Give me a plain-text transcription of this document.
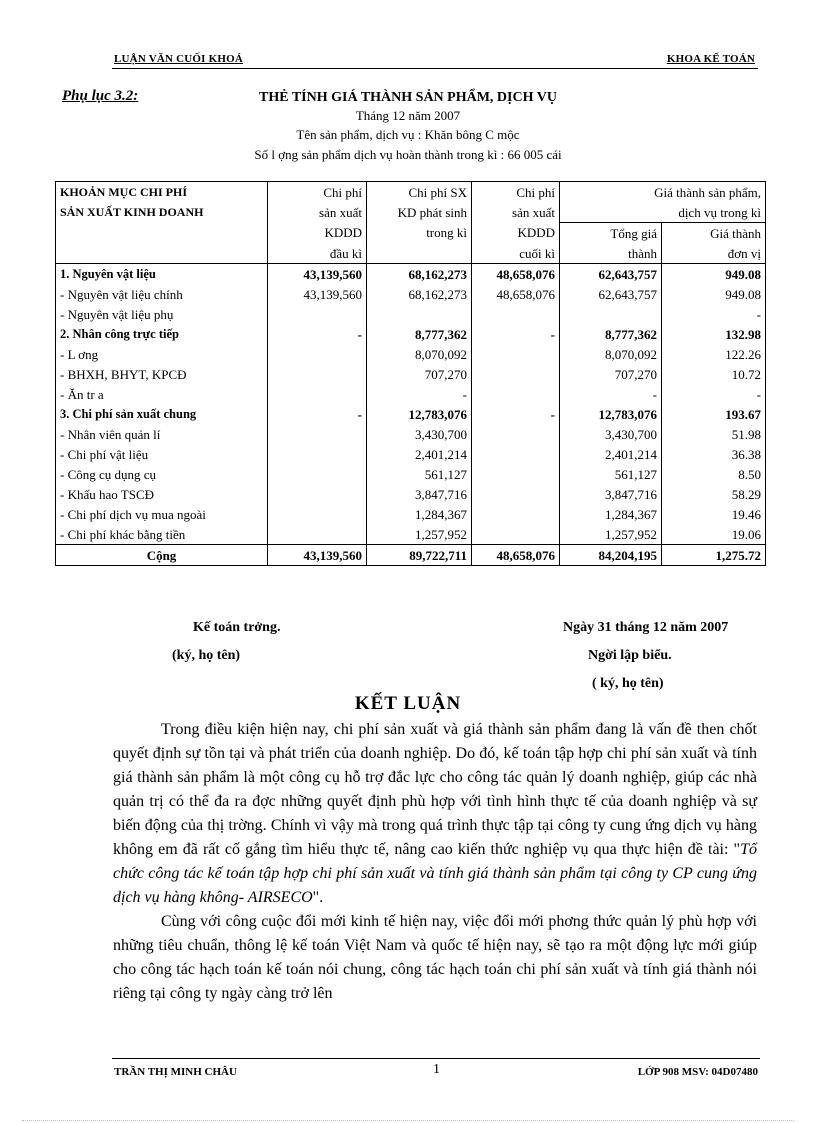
LUẬN VĂN CUỐI KHOÁ	KHOA KẾ TOÁN
Phụ lục 3.2:	THẺ TÍNH GIÁ THÀNH SẢN PHẨM, DỊCH VỤ
Tháng 12 năm 2007
Tên sản phẩm, dịch vụ : Khăn bông C mộc
Số l ợng sản phẩm dịch vụ hoàn thành trong kì : 66 005 cái
KHOẢN MỤC CHI PHÍ	Chi phí	Chi phí SX	Chi phí	Giá thành sản phẩm,	
SẢN XUẤT KINH DOANH	sản xuất	KD phát sinh	sản xuất	dịch vụ trong kì	
	KDDD	trong kì	KDDD	Tổng giá	Giá thành
	đầu kì		cuối kì	thành	đơn vị
1. Nguyên vật liệu	43,139,560	68,162,273	48,658,076	62,643,757	949.08
- Nguyên vật liệu chính	43,139,560	68,162,273	48,658,076	62,643,757	949.08
- Nguyên vật liệu phụ					-
2. Nhân công trực tiếp	-	8,777,362	-	8,777,362	132.98
- L ơng		8,070,092		8,070,092	122.26
- BHXH, BHYT, KPCĐ		707,270		707,270	10.72
- Ăn tr a		-		-	-
3. Chi phí sản xuất chung	-	12,783,076	-	12,783,076	193.67
- Nhân viên quản lí		3,430,700		3,430,700	51.98
- Chi phí vật liệu		2,401,214		2,401,214	36.38
- Công cụ dụng cụ		561,127		561,127	8.50
- Khấu hao TSCĐ		3,847,716		3,847,716	58.29
- Chi phí dịch vụ mua ngoài		1,284,367		1,284,367	19.46
- Chi phí khác bằng tiền		1,257,952		1,257,952	19.06
Cộng	43,139,560	89,722,711	48,658,076	84,204,195	1,275.72
Kế toán trởng.
(ký, họ tên)
Ngày 31 tháng 12 năm 2007
Ngời lập biểu.
( ký, họ tên)
KẾT LUẬN

Trong điều kiện hiện nay, chi phí sản xuất và giá thành sản phẩm đang là vấn đề then chốt quyết định sự tồn tại và phát triển của doanh nghiệp. Do đó, kế toán tập hợp chi phí sản xuất và tính giá thành sản phẩm là một công cụ hỗ trợ đắc lực cho công tác quản lý doanh nghiệp, giúp các nhà quản trị có thể đa ra đợc những quyết định phù hợp với tình hình thực tế của doanh nghiệp và sự biến động của thị trờng. Chính vì vậy mà trong quá trình thực tập tại công ty cung ứng dịch vụ hàng không em đã rất cố gắng tìm hiểu thực tế, nâng cao kiến thức nghiệp vụ qua thực hiện đề tài: "Tổ chức công tác kế toán tập hợp chi phí sản xuất và tính giá thành sản phẩm tại công ty CP cung ứng dịch vụ hàng không- AIRSECO".

Cùng với công cuộc đổi mới kinh tế hiện nay, việc đổi mới phơng thức quản lý phù hợp với những tiêu chuẩn, thông lệ kế toán Việt Nam và quốc tế hiện nay, sẽ tạo ra một động lực mới giúp cho công tác hạch toán kế toán nói chung, công tác hạch toán chi phí sản xuất và tính giá thành nói riêng tại công ty ngày càng trở lên

TRẦN THỊ MINH CHÂU	1	LỚP 908 MSV: 04D07480
